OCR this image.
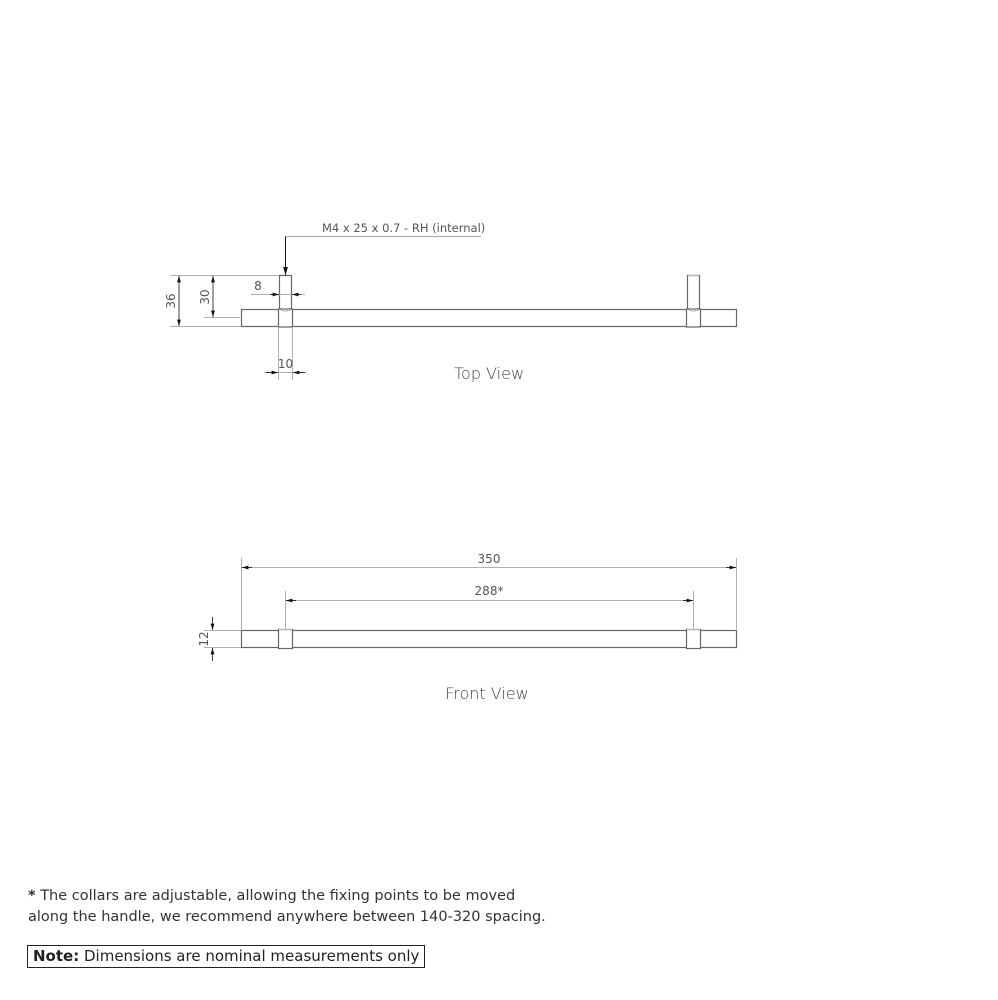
M4 x 25 x 0.7 - RH (internal)
36 30
8
10	Top View
350
288*
12
Front View
* The collars are adjustable, allowing the fixing points to be moved
along the handle, we recommend anywhere between 140-320 spacing.
Note: Dimensions are nominal measurements only
